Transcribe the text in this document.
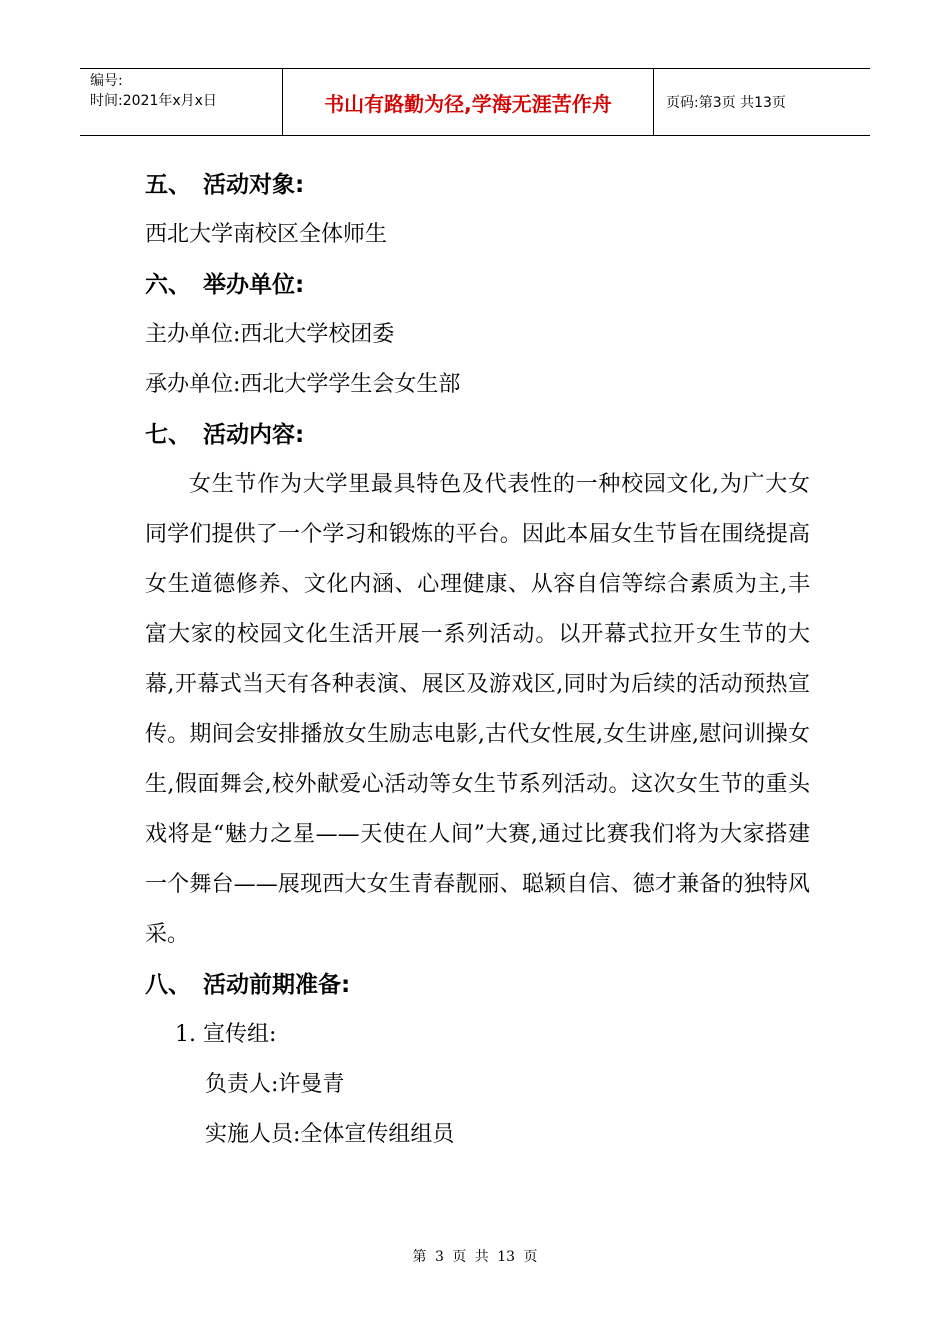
编号:
时间:2021年x月x日	书山有路勤为径,学海无涯苦作舟	页码:第3页 共13页
五、 活动对象:
西北大学南校区全体师生
六、 举办单位:
主办单位:西北大学校团委
承办单位:西北大学学生会女生部
七、 活动内容:

女生节作为大学里最具特色及代表性的一种校园文化,为广大女同学们提供了一个学习和锻炼的平台。因此本届女生节旨在围绕提高女生道德修养、文化内涵、心理健康、从容自信等综合素质为主,丰富大家的校园文化生活开展一系列活动。以开幕式拉开女生节的大幕,开幕式当天有各种表演、展区及游戏区,同时为后续的活动预热宣传。期间会安排播放女生励志电影,古代女性展,女生讲座,慰问训操女生,假面舞会,校外献爱心活动等女生节系列活动。这次女生节的重头戏将是“魅力之星——天使在人间”大赛,通过比赛我们将为大家搭建一个舞台——展现西大女生青春靓丽、聪颖自信、德才兼备的独特风采。

八、 活动前期准备:
1. 宣传组:
负责人:许曼青
实施人员:全体宣传组组员
第 3 页 共 13 页
